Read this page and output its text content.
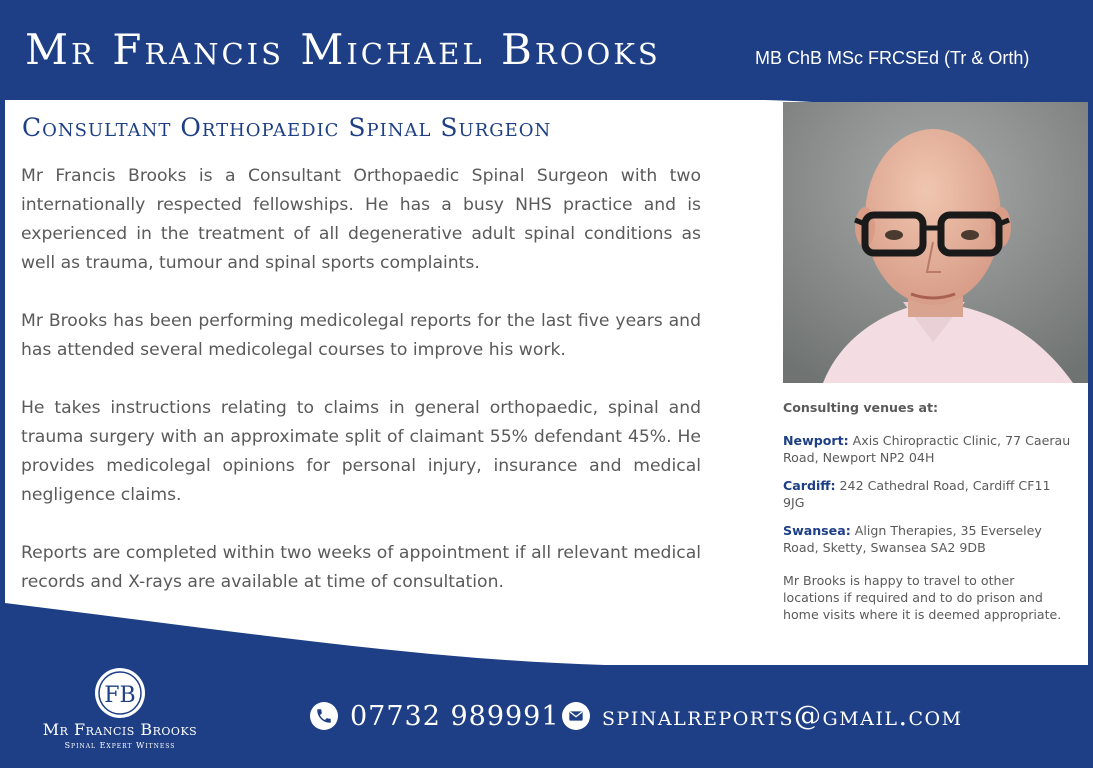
Mr Francis Michael Brooks	MB ChB MSc FRCSEd (Tr & Orth)
Consultant Orthopaedic Spinal Surgeon

Mr Francis Brooks is a Consultant Orthopaedic Spinal Surgeon with two internationally respected fellowships. He has a busy NHS practice and is experienced in the treatment of all degenerative adult spinal conditions as well as trauma, tumour and spinal sports complaints.

Mr Brooks has been performing medicolegal reports for the last five years and has attended several medicolegal courses to improve his work.

He takes instructions relating to claims in general orthopaedic, spinal and trauma surgery with an approximate split of claimant 55% defendant 45%. He provides medicolegal opinions for personal injury, insurance and medical negligence claims.

Reports are completed within two weeks of appointment if all relevant medical records and X-rays are available at time of consultation.

Consulting venues at:
Newport: Axis Chiropractic Clinic, 77 Caerau Road, Newport NP2 04H
Cardiff: 242 Cathedral Road, Cardiff CF11 9JG
Swansea: Align Therapies, 35 Everseley Road, Sketty, Swansea SA2 9DB
Mr Brooks is happy to travel to other locations if required and to do prison and home visits where it is deemed appropriate.
FB
Mr Francis Brooks
Spinal Expert Witness
07732 989991 spinalreports@gmail.com
